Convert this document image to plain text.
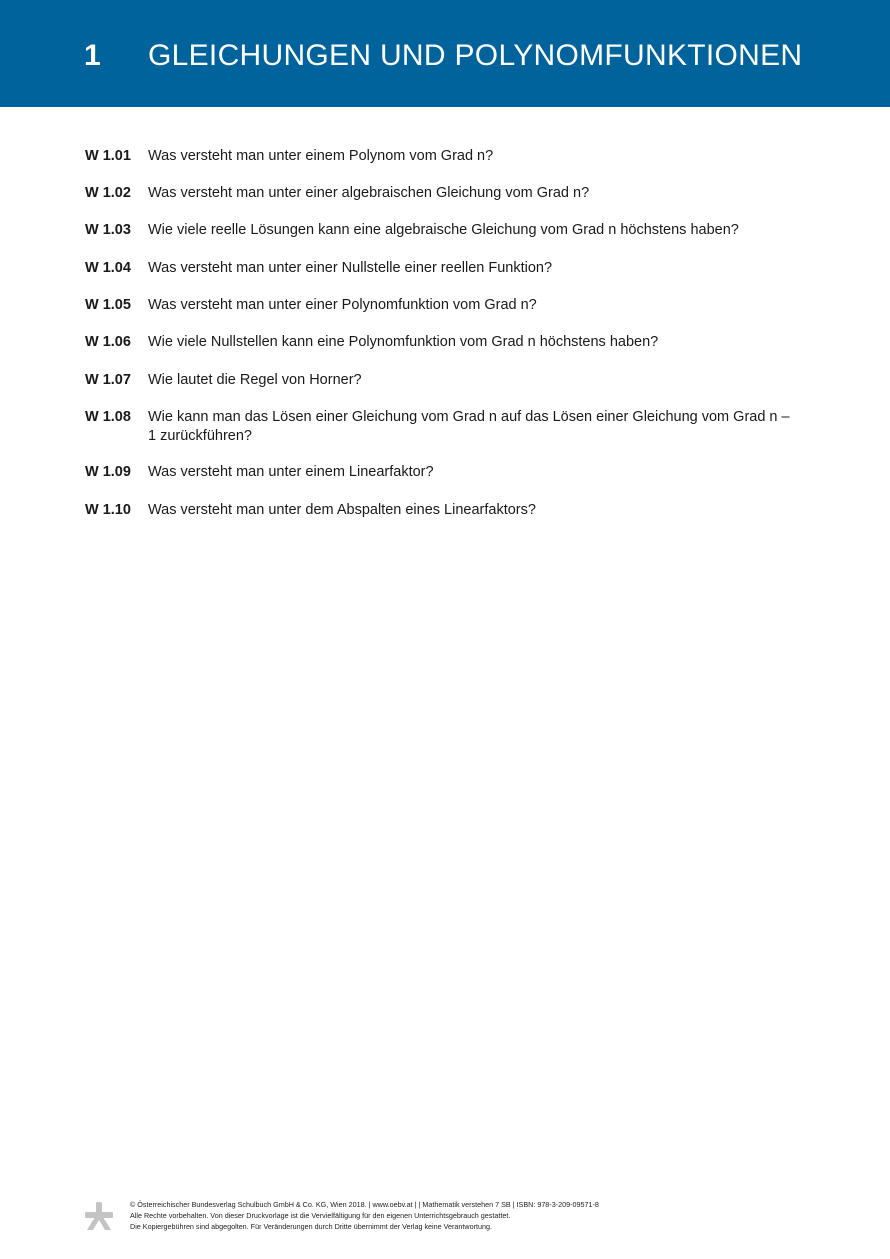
1 GLEICHUNGEN UND POLYNOMFUNKTIONEN
W 1.01 Was versteht man unter einem Polynom vom Grad n?
W 1.02 Was versteht man unter einer algebraischen Gleichung vom Grad n?
W 1.03 Wie viele reelle Lösungen kann eine algebraische Gleichung vom Grad n höchstens haben?
W 1.04 Was versteht man unter einer Nullstelle einer reellen Funktion?
W 1.05 Was versteht man unter einer Polynomfunktion vom Grad n?
W 1.06 Wie viele Nullstellen kann eine Polynomfunktion vom Grad n höchstens haben?
W 1.07 Wie lautet die Regel von Horner?
W 1.08 Wie kann man das Lösen einer Gleichung vom Grad n auf das Lösen einer Gleichung vom Grad n – 1 zurückführen?
W 1.09 Was versteht man unter einem Linearfaktor?
W 1.10 Was versteht man unter dem Abspalten eines Linearfaktors?
© Österreichischer Bundesverlag Schulbuch GmbH & Co. KG, Wien 2018. | www.oebv.at | | Mathematik verstehen 7 SB | ISBN: 978-3-209-09571-8
Alle Rechte vorbehalten. Von dieser Druckvorlage ist die Vervielfältigung für den eigenen Unterrichtsgebrauch gestattet.
Die Kopiergebühren sind abgegolten. Für Veränderungen durch Dritte übernimmt der Verlag keine Verantwortung.
